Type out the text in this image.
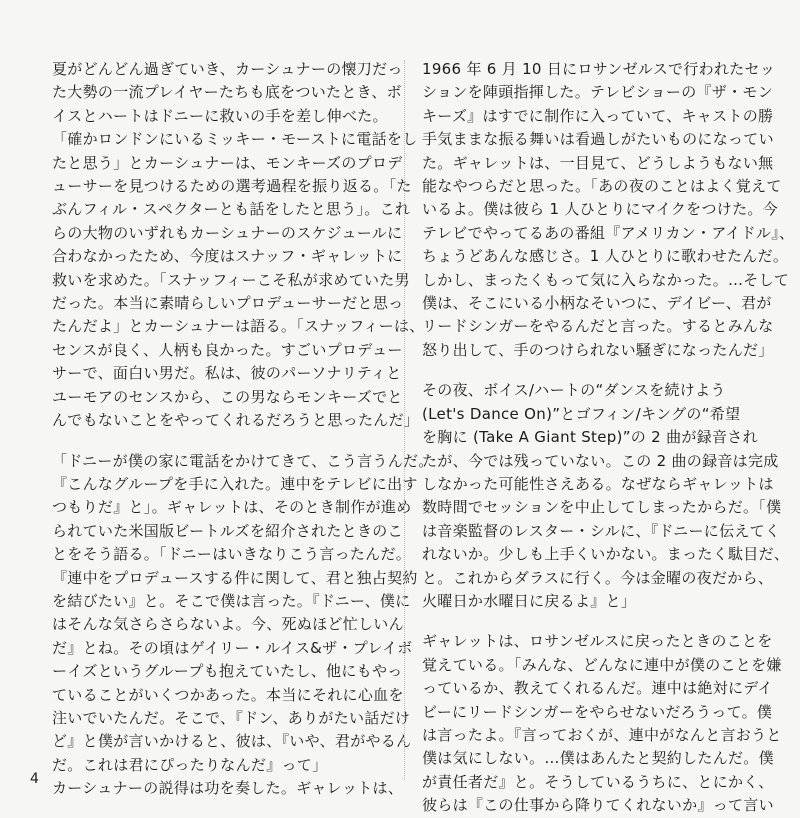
夏がどんどん過ぎていき、カーシュナーの懐刀だっ
た大勢の一流プレイヤーたちも底をついたとき、ボ
イスとハートはドニーに救いの手を差し伸べた。
「確かロンドンにいるミッキー・モーストに電話をし
たと思う」とカーシュナーは、モンキーズのプロデ
ューサーを見つけるための選考過程を振り返る。「た
ぶんフィル・スペクターとも話をしたと思う」。これ
らの大物のいずれもカーシュナーのスケジュールに
合わなかったため、今度はスナッフ・ギャレットに
救いを求めた。「スナッフィーこそ私が求めていた男
だった。本当に素晴らしいプロデューサーだと思っ
たんだよ」とカーシュナーは語る。「スナッフィーは、
センスが良く、人柄も良かった。すごいプロデュー
サーで、面白い男だ。私は、彼のパーソナリティと
ユーモアのセンスから、この男ならモンキーズでと
んでもないことをやってくれるだろうと思ったんだ」

「ドニーが僕の家に電話をかけてきて、こう言うんだ。
『こんなグループを手に入れた。連中をテレビに出す
つもりだ』と」。ギャレットは、そのとき制作が進め
られていた米国版ビートルズを紹介されたときのこ
とをそう語る。「ドニーはいきなりこう言ったんだ。
『連中をプロデュースする件に関して、君と独占契約
を結びたい』と。そこで僕は言った。『ドニー、僕に
はそんな気さらさらないよ。今、死ぬほど忙しいん
だ』とね。その頃はゲイリー・ルイス&ザ・プレイボ
ーイズというグループも抱えていたし、他にもやっ
ていることがいくつかあった。本当にそれに心血を
注いでいたんだ。そこで、『ドン、ありがたい話だけ
ど』と僕が言いかけると、彼は、『いや、君がやるん
だ。これは君にぴったりなんだ』って」
カーシュナーの説得は功を奏した。ギャレットは、

1966 年 6 月 10 日にロサンゼルスで行われたセッ
ションを陣頭指揮した。テレビショーの『ザ・モン
キーズ』はすでに制作に入っていて、キャストの勝
手気ままな振る舞いは看過しがたいものになってい
た。ギャレットは、一目見て、どうしようもない無
能なやつらだと思った。「あの夜のことはよく覚えて
いるよ。僕は彼ら 1 人ひとりにマイクをつけた。今
テレビでやってるあの番組『アメリカン・アイドル』、
ちょうどあんな感じさ。1 人ひとりに歌わせたんだ。
しかし、まったくもって気に入らなかった。…そして
僕は、そこにいる小柄なそいつに、デイビー、君が
リードシンガーをやるんだと言った。するとみんな
怒り出して、手のつけられない騒ぎになったんだ」

その夜、ボイス/ハートの“ダンスを続けよう
(Let's Dance On)”とゴフィン/キングの“希望
を胸に (Take A Giant Step)”の 2 曲が録音され
たが、今では残っていない。この 2 曲の録音は完成
しなかった可能性さえある。なぜならギャレットは
数時間でセッションを中止してしまったからだ。「僕
は音楽監督のレスター・シルに、『ドニーに伝えてく
れないか。少しも上手くいかない。まったく駄目だ、
と。これからダラスに行く。今は金曜の夜だから、
火曜日か水曜日に戻るよ』と」

ギャレットは、ロサンゼルスに戻ったときのことを
覚えている。「みんな、どんなに連中が僕のことを嫌
っているか、教えてくれるんだ。連中は絶対にデイ
ビーにリードシンガーをやらせないだろうって。僕
は言ったよ。『言っておくが、連中がなんと言おうと
僕は気にしない。…僕はあんたと契約したんだ。僕
が責任者だ』と。そうしているうちに、とにかく、
彼らは『この仕事から降りてくれないか』って言い

4
